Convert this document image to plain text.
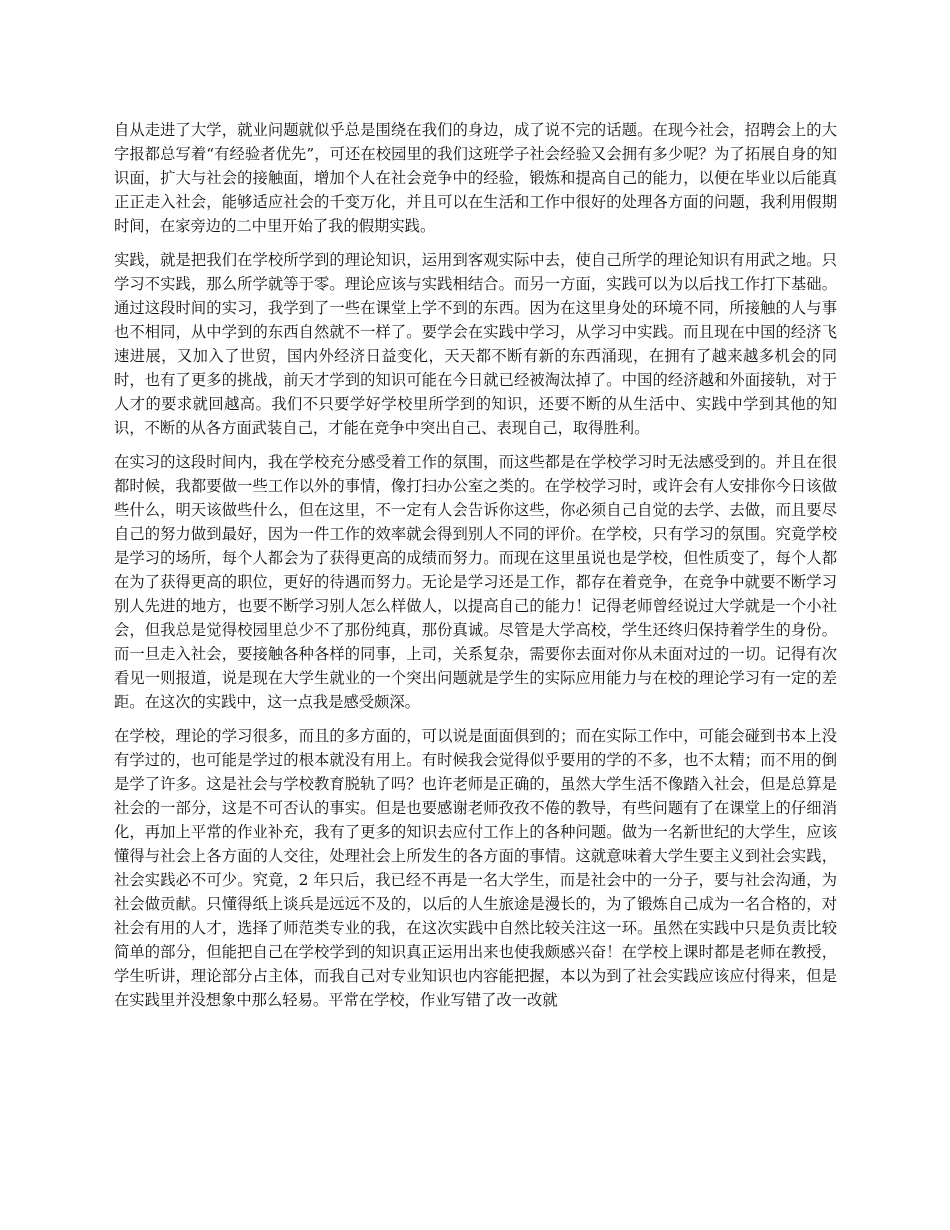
自从走进了大学，就业问题就似乎总是围绕在我们的身边，成了说不完的话题。在现今社会，招聘会上的大字报都总写着“有经验者优先”，可还在校园里的我们这班学子社会经验又会拥有多少呢？为了拓展自身的知识面，扩大与社会的接触面，增加个人在社会竞争中的经验，锻炼和提高自己的能力，以便在毕业以后能真正正走入社会，能够适应社会的千变万化，并且可以在生活和工作中很好的处理各方面的问题，我利用假期时间，在家旁边的二中里开始了我的假期实践。

实践，就是把我们在学校所学到的理论知识，运用到客观实际中去，使自己所学的理论知识有用武之地。只学习不实践，那么所学就等于零。理论应该与实践相结合。而另一方面，实践可以为以后找工作打下基础。通过这段时间的实习，我学到了一些在课堂上学不到的东西。因为在这里身处的环境不同，所接触的人与事也不相同，从中学到的东西自然就不一样了。要学会在实践中学习，从学习中实践。而且现在中国的经济飞速进展，又加入了世贸，国内外经济日益变化，天天都不断有新的东西涌现，在拥有了越来越多机会的同时，也有了更多的挑战，前天才学到的知识可能在今日就已经被淘汰掉了。中国的经济越和外面接轨，对于人才的要求就回越高。我们不只要学好学校里所学到的知识，还要不断的从生活中、实践中学到其他的知识，不断的从各方面武装自己，才能在竞争中突出自己、表现自己，取得胜利。

在实习的这段时间内，我在学校充分感受着工作的氛围，而这些都是在学校学习时无法感受到的。并且在很都时候，我都要做一些工作以外的事情，像打扫办公室之类的。在学校学习时，或许会有人安排你今日该做些什么，明天该做些什么，但在这里，不一定有人会告诉你这些，你必须自己自觉的去学、去做，而且要尽自己的努力做到最好，因为一件工作的效率就会得到别人不同的评价。在学校，只有学习的氛围。究竟学校是学习的场所，每个人都会为了获得更高的成绩而努力。而现在这里虽说也是学校，但性质变了，每个人都在为了获得更高的职位，更好的待遇而努力。无论是学习还是工作，都存在着竞争，在竞争中就要不断学习别人先进的地方，也要不断学习别人怎么样做人，以提高自己的能力！记得老师曾经说过大学就是一个小社会，但我总是觉得校园里总少不了那份纯真，那份真诚。尽管是大学高校，学生还终归保持着学生的身份。而一旦走入社会，要接触各种各样的同事，上司，关系复杂，需要你去面对你从未面对过的一切。记得有次看见一则报道，说是现在大学生就业的一个突出问题就是学生的实际应用能力与在校的理论学习有一定的差距。在这次的实践中，这一点我是感受颇深。

在学校，理论的学习很多，而且的多方面的，可以说是面面俱到的；而在实际工作中，可能会碰到书本上没有学过的，也可能是学过的根本就没有用上。有时候我会觉得似乎要用的学的不多，也不太精；而不用的倒是学了许多。这是社会与学校教育脱轨了吗？也许老师是正确的，虽然大学生活不像踏入社会，但是总算是社会的一部分，这是不可否认的事实。但是也要感谢老师孜孜不倦的教导，有些问题有了在课堂上的仔细消化，再加上平常的作业补充，我有了更多的知识去应付工作上的各种问题。做为一名新世纪的大学生，应该懂得与社会上各方面的人交往，处理社会上所发生的各方面的事情。这就意味着大学生要主义到社会实践，社会实践必不可少。究竟，2 年只后，我已经不再是一名大学生，而是社会中的一分子，要与社会沟通，为社会做贡献。只懂得纸上谈兵是远远不及的，以后的人生旅途是漫长的，为了锻炼自己成为一名合格的，对社会有用的人才，选择了师范类专业的我，在这次实践中自然比较关注这一环。虽然在实践中只是负责比较简单的部分，但能把自己在学校学到的知识真正运用出来也使我颇感兴奋！在学校上课时都是老师在教授，学生听讲，理论部分占主体，而我自己对专业知识也内容能把握，本以为到了社会实践应该应付得来，但是在实践里并没想象中那么轻易。平常在学校，作业写错了改一改就
